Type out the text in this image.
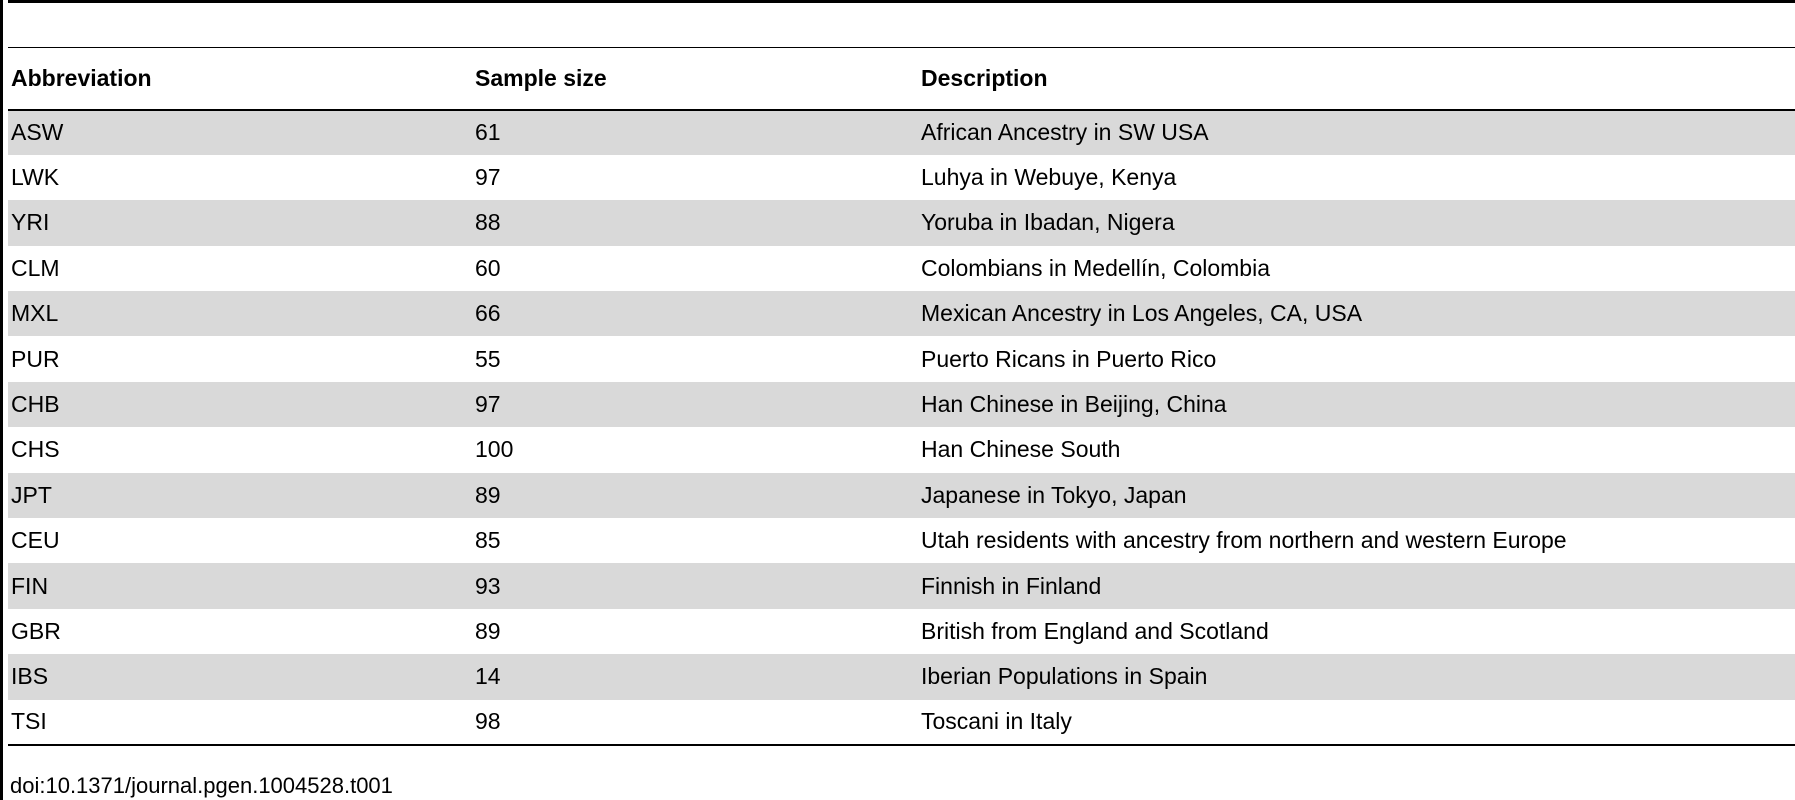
Abbreviation	Sample size	Description
ASW	61	African Ancestry in SW USA
LWK	97	Luhya in Webuye, Kenya
YRI	88	Yoruba in Ibadan, Nigera
CLM	60	Colombians in Medellín, Colombia
MXL	66	Mexican Ancestry in Los Angeles, CA, USA
PUR	55	Puerto Ricans in Puerto Rico
CHB	97	Han Chinese in Beijing, China
CHS	100	Han Chinese South
JPT	89	Japanese in Tokyo, Japan
CEU	85	Utah residents with ancestry from northern and western Europe
FIN	93	Finnish in Finland
GBR	89	British from England and Scotland
IBS	14	Iberian Populations in Spain
TSI	98	Toscani in Italy
doi:10.1371/journal.pgen.1004528.t001
